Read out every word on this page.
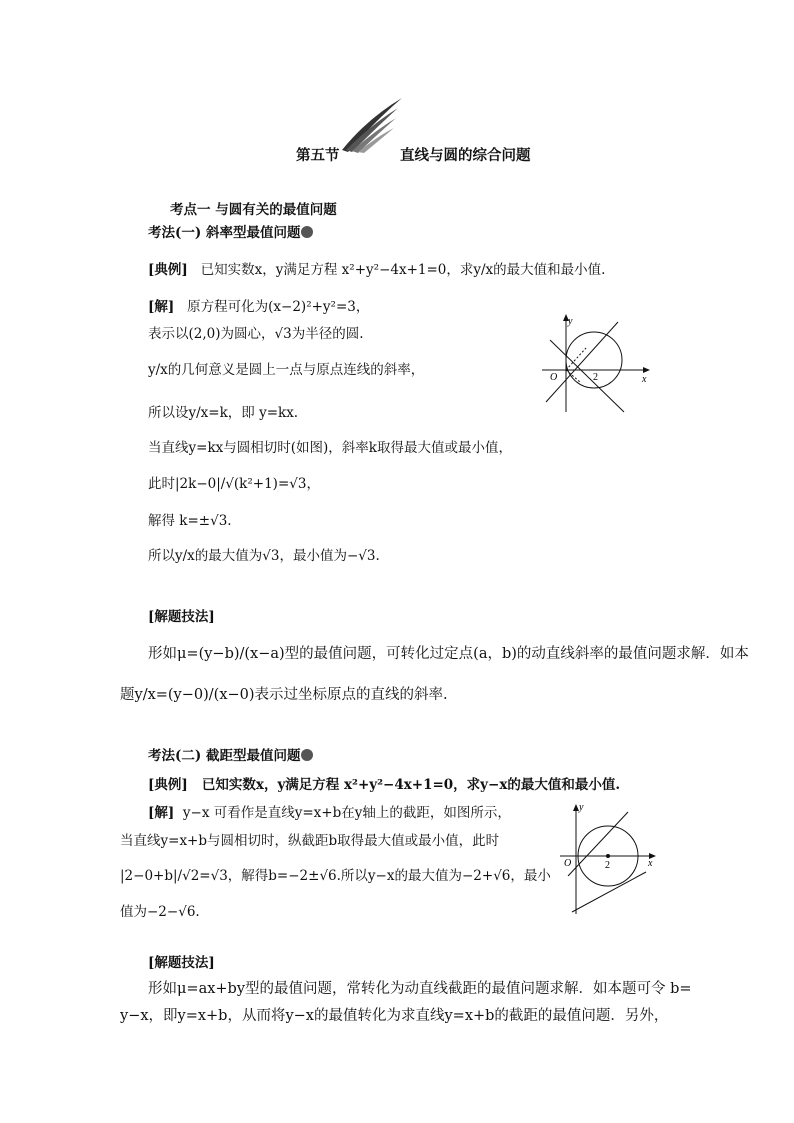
第五节	直线与圆的综合问题
考点一 与圆有关的最值问题
考法(一) 斜率型最值问题
[典例] 已知实数x，y满足方程 x²+y²−4x+1=0，求y/x的最大值和最小值.
[解] 原方程可化为(x−2)²+y²=3，
表示以(2,0)为圆心，√3为半径的圆.
y/x的几何意义是圆上一点与原点连线的斜率，
所以设y/x=k，即 y=kx.
当直线y=kx与圆相切时(如图)，斜率k取得最大值或最小值，
此时|2k−0|/√(k²+1)=√3，
解得 k=±√3.
所以y/x的最大值为√3，最小值为−√3.
y
x
O	2
[解题技法]
形如μ=(y−b)/(x−a)型的最值问题，可转化过定点(a，b)的动直线斜率的最值问题求解．如本
题y/x=(y−0)/(x−0)表示过坐标原点的直线的斜率.
考法(二) 截距型最值问题
[典例] 已知实数x，y满足方程 x²+y²−4x+1=0，求y−x的最大值和最小值.
[解] y−x 可看作是直线y=x+b在y轴上的截距，如图所示，
当直线y=x+b与圆相切时，纵截距b取得最大值或最小值，此时
|2−0+b|/√2=√3，解得b=−2±√6.所以y−x的最大值为−2+√6，最小
值为−2−√6.
y
x
O	2
[解题技法]
形如μ=ax+by型的最值问题，常转化为动直线截距的最值问题求解．如本题可令 b=
y−x，即y=x+b，从而将y−x的最值转化为求直线y=x+b的截距的最值问题．另外，
